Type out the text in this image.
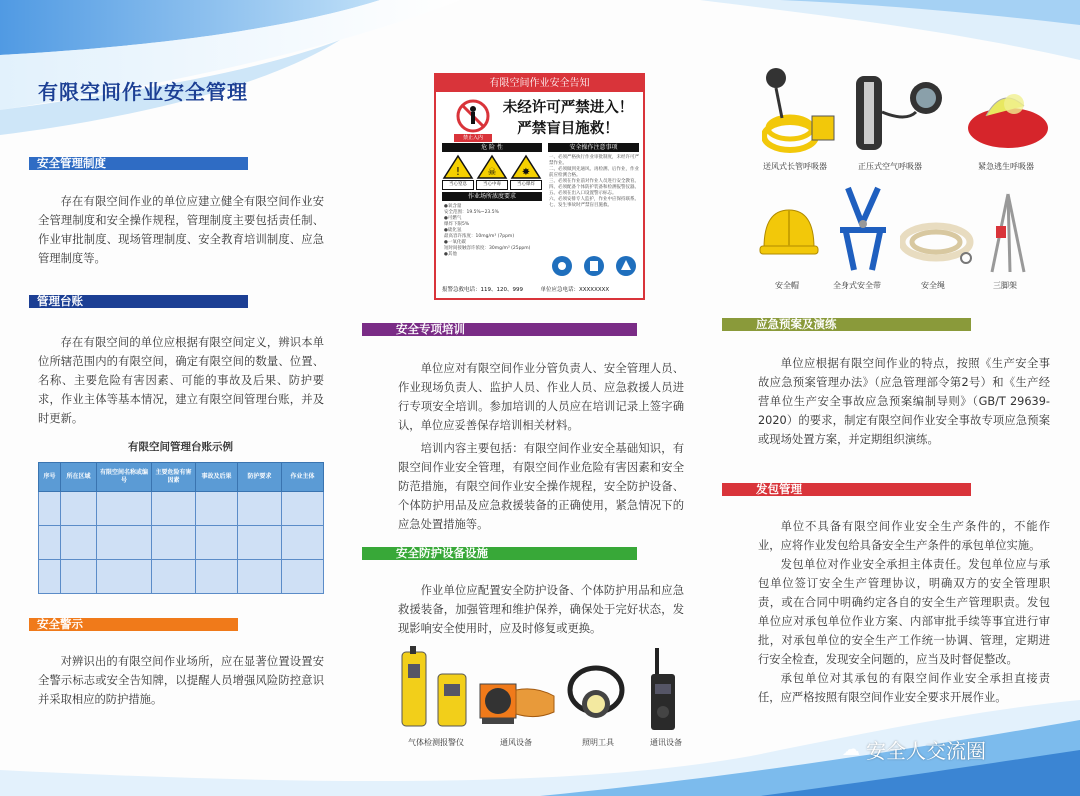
有限空间作业安全管理
安全管理制度

存在有限空间作业的单位应建立健全有限空间作业安全管理制度和安全操作规程，管理制度主要包括责任制、作业审批制度、现场管理制度、安全教育培训制度、应急管理制度等。

管理台账

存在有限空间的单位应根据有限空间定义，辨识本单位所辖范围内的有限空间，确定有限空间的数量、位置、名称、主要危险有害因素、可能的事故及后果、防护要求，作业主体等基本情况，建立有限空间管理台账，并及时更新。

有限空间管理台账示例
序号	所在区域	有限空间名称或编号	主要危险有害因素	事故及后果	防护要求	作业主体

安全警示

对辨识出的有限空间作业场所，应在显著位置设置安全警示标志或安全告知牌，以提醒人员增强风险防控意识并采取相应的防护措施。

有限空间作业安全告知
禁止入内
未经许可严禁进入！
严禁盲目施救！
危 险 性
!	☠	✸
当心窒息	当心中毒	当心爆炸
作业场所浓度要求
●氧含量
安全范围：19.5%~23.5%
●可燃气
爆炸下限5%
●硫化氢
最高容许浓度：10mg/m³ (7ppm)
●一氧化碳
短时间接触容许浓度：30mg/m³ (25ppm)
●其他
安全操作注意事项
一、必须严格执行作业审批制度，未经许可严禁作业。
二、必须做到先通风、再检测、后作业，作业前应检测合格。
三、必须在作业前对作业人员进行安全教育。
四、必须配备个体防护装备和检测报警仪器。
五、必须在出入口设置警示标志。
六、必须安排专人监护，作业中应保持联系。
七、发生事故时严禁盲目施救。
报警急救电话：119、120、999	单位应急电话：XXXXXXXX
安全专项培训

单位应对有限空间作业分管负责人、安全管理人员、作业现场负责人、监护人员、作业人员、应急救援人员进行专项安全培训。参加培训的人员应在培训记录上签字确认，单位应妥善保存培训相关材料。

培训内容主要包括：有限空间作业安全基础知识，有限空间作业安全管理，有限空间作业危险有害因素和安全防范措施，有限空间作业安全操作规程，安全防护设备、个体防护用品及应急救援装备的正确使用，紧急情况下的应急处置措施等。

安全防护设备设施

作业单位应配置安全防护设备、个体防护用品和应急救援装备，加强管理和维护保养，确保处于完好状态，发现影响安全使用时，应及时修复或更换。

气体检测报警仪	通风设备	照明工具	通讯设备
送风式长管呼吸器	正压式空气呼吸器	紧急逃生呼吸器
安全帽	全身式安全带	安全绳	三脚架
应急预案及演练

单位应根据有限空间作业的特点，按照《生产安全事故应急预案管理办法》（应急管理部令第2号）和《生产经营单位生产安全事故应急预案编制导则》（GB/T 29639-2020）的要求，制定有限空间作业安全事故专项应急预案或现场处置方案，并定期组织演练。

发包管理

单位不具备有限空间作业安全生产条件的，不能作业，应将作业发包给具备安全生产条件的承包单位实施。

发包单位对作业安全承担主体责任。发包单位应与承包单位签订安全生产管理协议，明确双方的安全管理职责，或在合同中明确约定各自的安全生产管理职责。发包单位应对承包单位作业方案、内部审批手续等事宜进行审批，对承包单位的安全生产工作统一协调、管理，定期进行安全检查，发现安全问题的，应当及时督促整改。

承包单位对其承包的有限空间作业安全承担直接责任，应严格按照有限空间作业安全要求开展作业。

☁ 安全人交流圈
